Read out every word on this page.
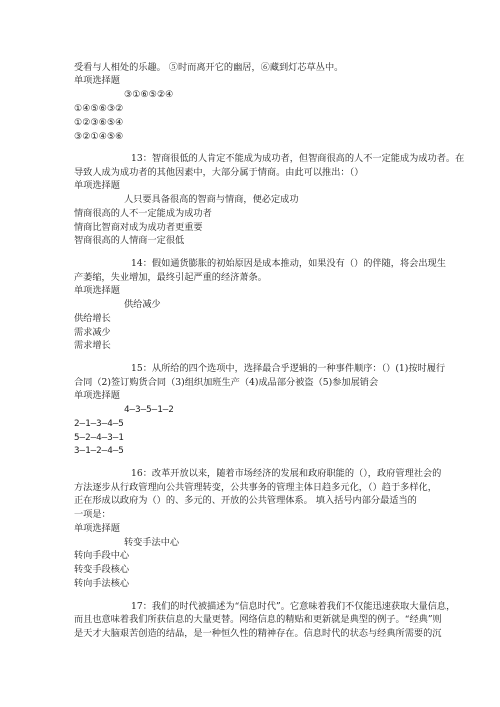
受看与人相处的乐趣。 ⑤时而离开它的幽居，⑥藏到灯芯草丛中。
单项选择题
③①⑥⑤②④
①④⑤⑥③②
①②③⑥⑤④
③②①④⑤⑥
13：智商很低的人肯定不能成为成功者，但智商很高的人不一定能成为成功者。在
导致人成为成功者的其他因素中，大部分属于情商。由此可以推出：（）
单项选择题
人只要具备很高的智商与情商，便必定成功
情商很高的人不一定能成为成功者
情商比智商对成为成功者更重要
智商很高的人情商一定很低
14：假如通货膨胀的初始原因是成本推动，如果没有（）的伴随，将会出现生
产萎缩，失业增加，最终引起严重的经济萧条。
单项选择题
供给减少
供给增长
需求减少
需求增长
15：从所给的四个选项中，选择最合乎逻辑的一种事件顺序：（）(1)按时履行
合同（2)签订购货合同（3)组织加班生产（4)成品部分被盗（5)参加展销会
单项选择题
4—3—5—1—2
2—1—3—4—5
5—2—4—3—1
3—1—2—4—5
16：改革开放以来，随着市场经济的发展和政府职能的（），政府管理社会的
方法逐步从行政管理向公共管理转变，公共事务的管理主体日趋多元化，（）趋于多样化，
正在形成以政府为（）的、多元的、开放的公共管理体系。 填入括号内部分最适当的
一项是：
单项选择题
转变手法中心
转向手段中心
转变手段核心
转向手法核心
17：我们的时代被描述为“信息时代”。它意味着我们不仅能迅速获取大量信息，
而且也意味着我们所获信息的大量更替。网络信息的精贴和更新就是典型的例子。“经典”则
是天才大脑艰苦创造的结晶，是一种恒久性的精神存在。信息时代的状态与经典所需要的沉
